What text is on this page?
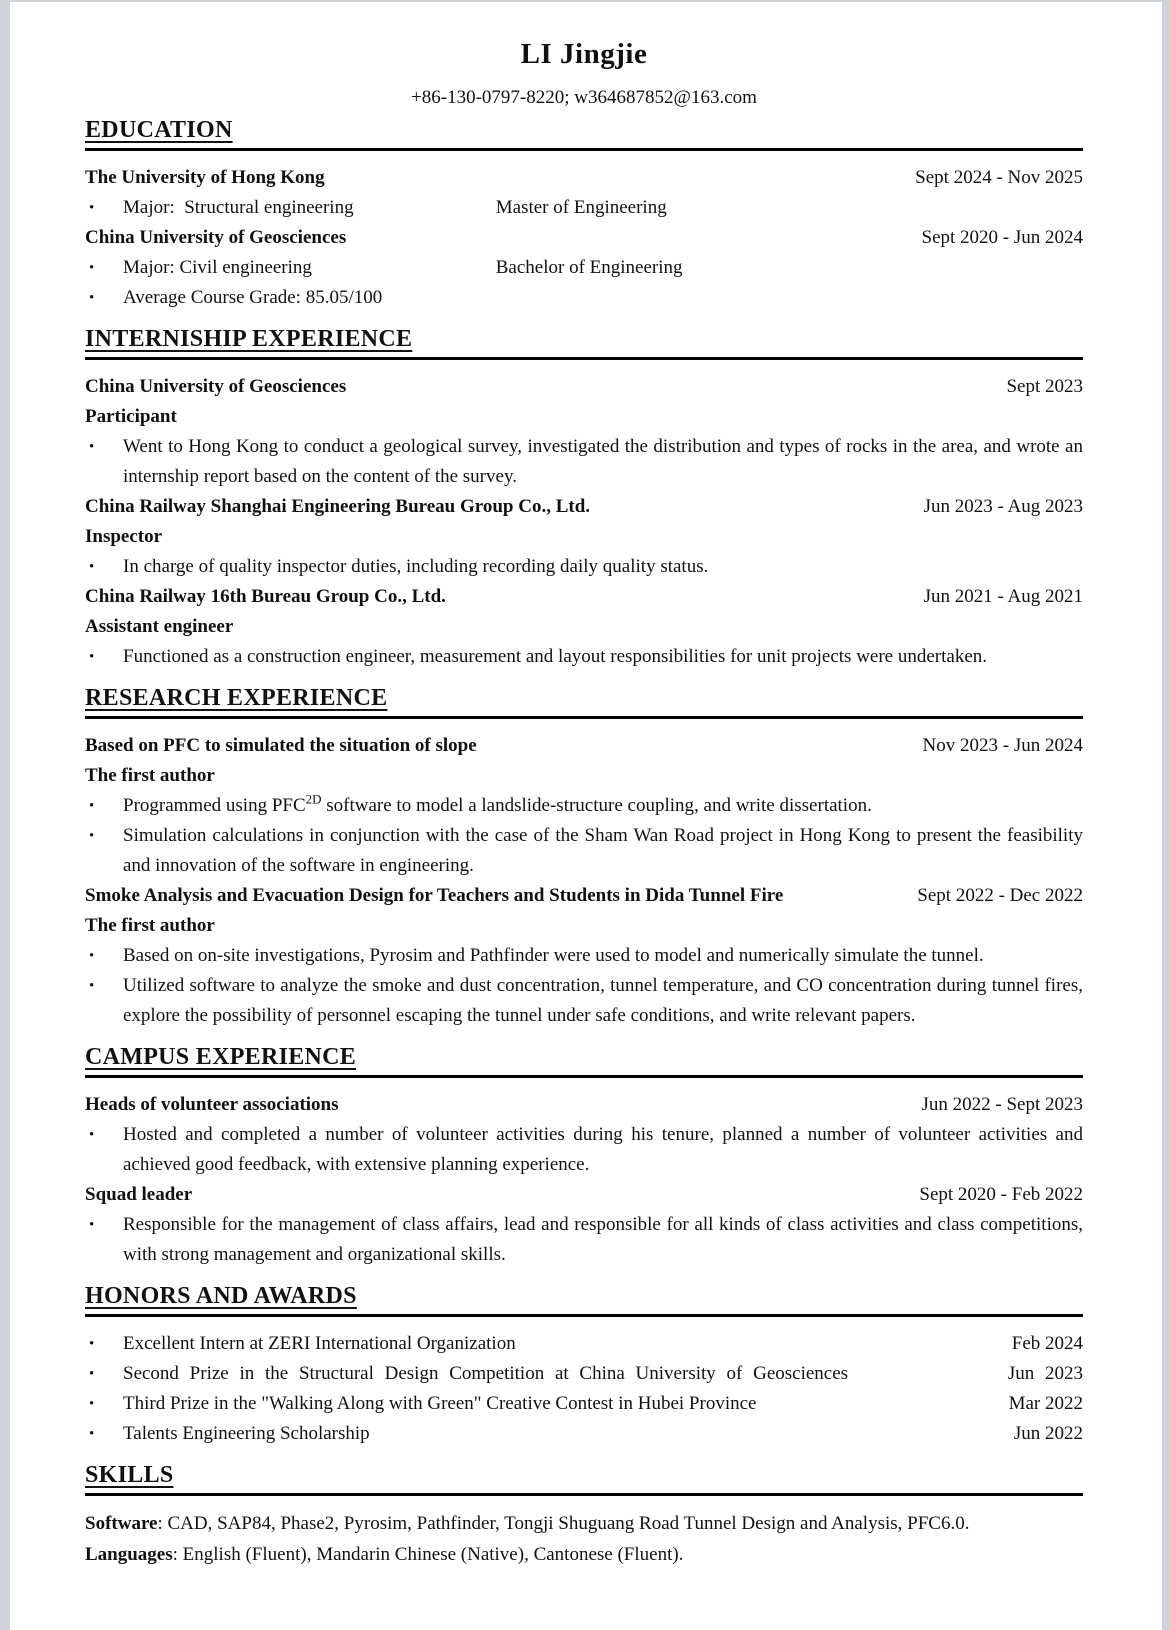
LI Jingjie
+86-130-0797-8220; w364687852@163.com
EDUCATION
The University of Hong Kong	Sept 2024 - Nov 2025
• Major:  Structural engineering	Master of Engineering
China University of Geosciences	Sept 2020 - Jun 2024
• Major: Civil engineering	Bachelor of Engineering
• Average Course Grade: 85.05/100
INTERNISHIP EXPERIENCE
China University of Geosciences	Sept 2023
Participant
• Went to Hong Kong to conduct a geological survey, investigated the distribution and types of rocks in the area, and wrote an internship report based on the content of the survey.
China Railway Shanghai Engineering Bureau Group Co., Ltd.	Jun 2023 - Aug 2023
Inspector
• In charge of quality inspector duties, including recording daily quality status.
China Railway 16th Bureau Group Co., Ltd.	Jun 2021 - Aug 2021
Assistant engineer
• Functioned as a construction engineer, measurement and layout responsibilities for unit projects were undertaken.
RESEARCH EXPERIENCE
Based on PFC to simulated the situation of slope	Nov 2023 - Jun 2024
The first author
• Programmed using $PFC^{2D}$ software to model a landslide-structure coupling, and write dissertation.
• Simulation calculations in conjunction with the case of the Sham Wan Road project in Hong Kong to present the feasibility and innovation of the software in engineering.
Smoke Analysis and Evacuation Design for Teachers and Students in Dida Tunnel Fire	Sept 2022 - Dec 2022
The first author
• Based on on-site investigations, Pyrosim and Pathfinder were used to model and numerically simulate the tunnel.
• Utilized software to analyze the smoke and dust concentration, tunnel temperature, and CO concentration during tunnel fires, explore the possibility of personnel escaping the tunnel under safe conditions, and write relevant papers.
CAMPUS EXPERIENCE
Heads of volunteer associations	Jun 2022 - Sept 2023
• Hosted and completed a number of volunteer activities during his tenure, planned a number of volunteer activities and achieved good feedback, with extensive planning experience.
Squad leader	Sept 2020 - Feb 2022
• Responsible for the management of class affairs, lead and responsible for all kinds of class activities and class competitions, with strong management and organizational skills.
HONORS AND AWARDS
• Excellent Intern at ZERI International Organization	Feb 2024
• Second Prize in the Structural Design Competition at China University of Geosciences	Jun 2023
• Third Prize in the "Walking Along with Green" Creative Contest in Hubei Province	Mar 2022
• Talents Engineering Scholarship	Jun 2022
SKILLS
Software: CAD, SAP84, Phase2, Pyrosim, Pathfinder, Tongji Shuguang Road Tunnel Design and Analysis, PFC6.0.
Languages: English (Fluent), Mandarin Chinese (Native), Cantonese (Fluent).
